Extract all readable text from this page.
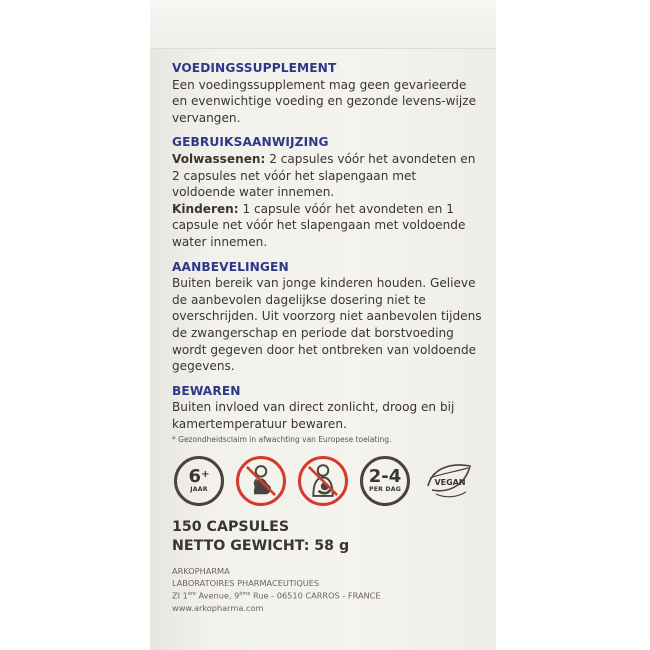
VOEDINGSSUPPLEMENT

Een voedingssupplement mag geen gevarieerde en evenwichtige voeding en gezonde levens-wijze vervangen.

GEBRUIKSAANWIJZING

Volwassenen: 2 capsules vóór het avondeten en 2 capsules net vóór het slapengaan met voldoende water innemen.

Kinderen: 1 capsule vóór het avondeten en 1 capsule net vóór het slapengaan met voldoende water innemen.

AANBEVELINGEN

Buiten bereik van jonge kinderen houden. Gelieve de aanbevolen dagelijkse dosering niet te overschrijden. Uit voorzorg niet aanbevolen tijdens de zwangerschap en periode dat borstvoeding wordt gegeven door het ontbreken van voldoende gegevens.

BEWAREN

Buiten invloed van direct zonlicht, droog en bij kamertemperatuur bewaren.

* Gezondheidsclaim in afwachting van Europese toelating.

6+
JAAR
2-4
PER DAG
VEGAN
150 CAPSULES
NETTO GEWICHT: 58 g
ARKOPHARMA
LABORATOIRES PHARMACEUTIQUES
ZI 1ère Avenue, 9ème Rue - 06510 CARROS - FRANCE
www.arkopharma.com
